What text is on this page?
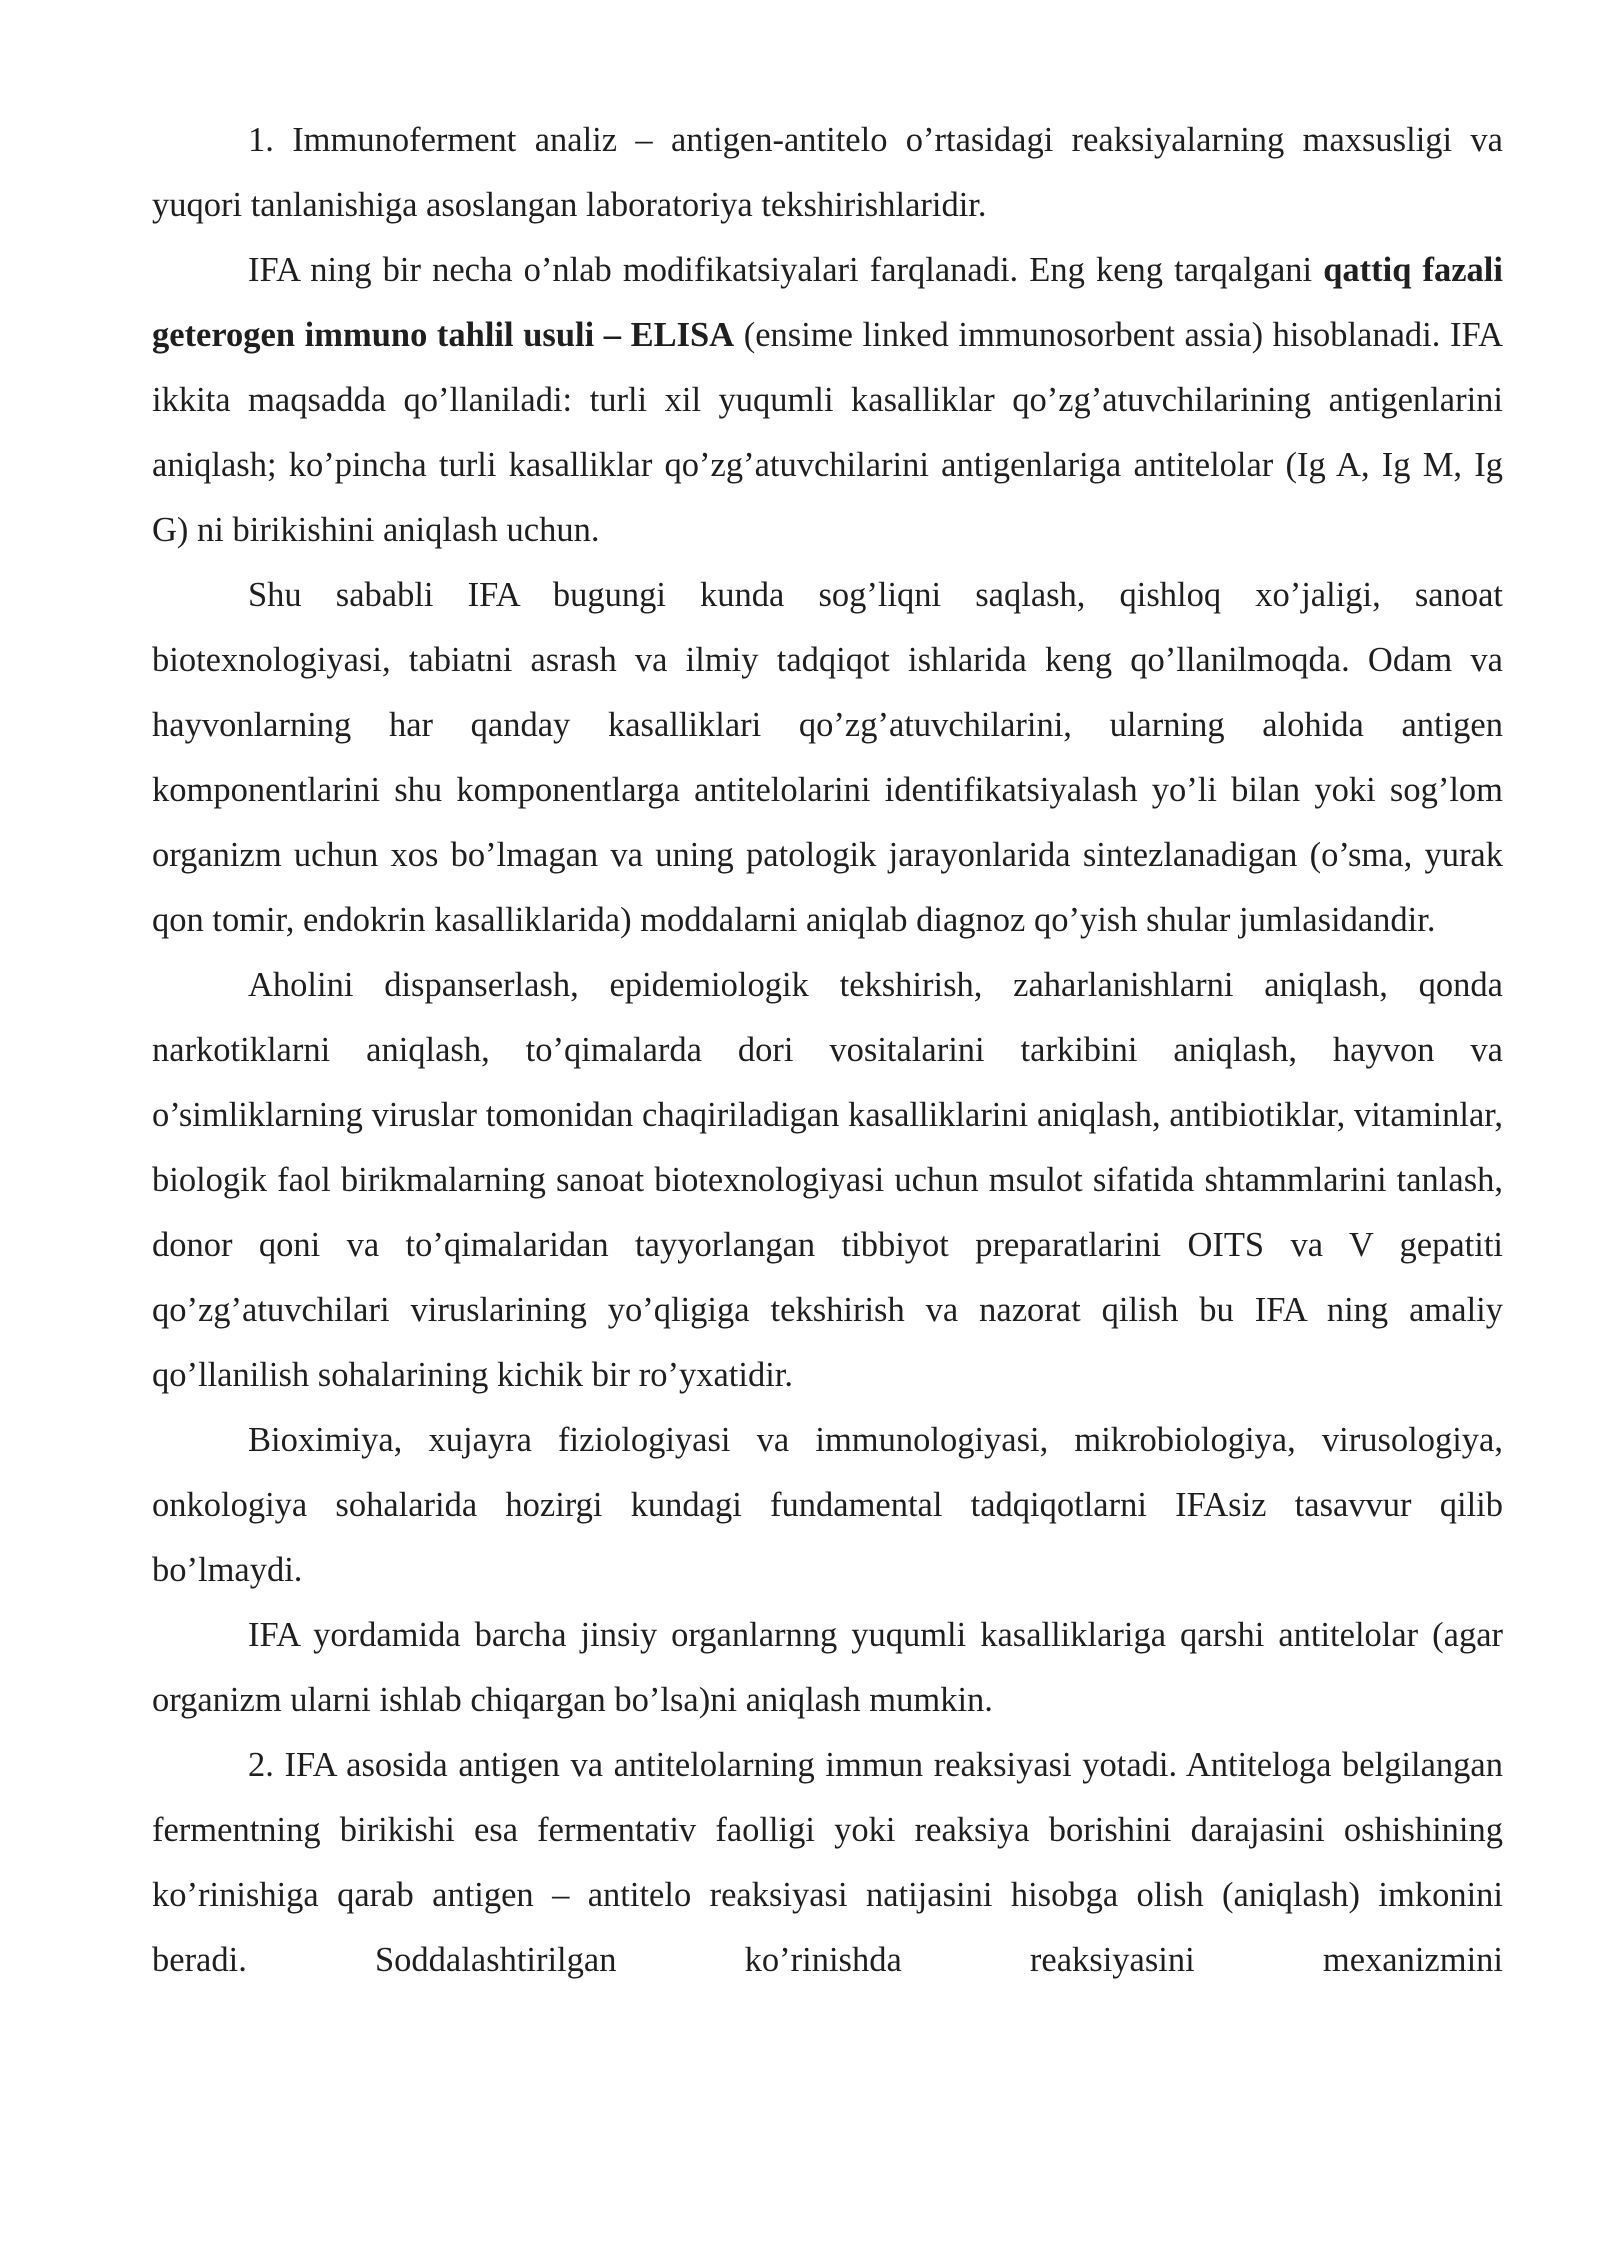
1. Immunoferment analiz – antigen-antitelo o’rtasidagi reaksiyalarning maxsusligi va yuqori tanlanishiga asoslangan laboratoriya tekshirishlaridir.

IFA ning bir necha o’nlab modifikatsiyalari farqlanadi. Eng keng tarqalgani qattiq fazali geterogen immuno tahlil usuli – ELISA (ensime linked immunosorbent assia) hisoblanadi. IFA ikkita maqsadda qo’llaniladi: turli xil yuqumli kasalliklar qo’zg’atuvchilarining antigenlarini aniqlash; ko’pincha turli kasalliklar qo’zg’atuvchilarini antigenlariga antitelolar (Ig A, Ig M, Ig G) ni birikishini aniqlash uchun.

Shu sababli IFA bugungi kunda sog’liqni saqlash, qishloq xo’jaligi, sanoat biotexnologiyasi, tabiatni asrash va ilmiy tadqiqot ishlarida keng qo’llanilmoqda. Odam va hayvonlarning har qanday kasalliklari qo’zg’atuvchilarini, ularning alohida antigen komponentlarini shu komponentlarga antitelolarini identifikatsiyalash yo’li bilan yoki sog’lom organizm uchun xos bo’lmagan va uning patologik jarayonlarida sintezlanadigan (o’sma, yurak qon tomir, endokrin kasalliklarida) moddalarni aniqlab diagnoz qo’yish shular jumlasidandir.

Aholini dispanserlash, epidemiologik tekshirish, zaharlanishlarni aniqlash, qonda narkotiklarni aniqlash, to’qimalarda dori vositalarini tarkibini aniqlash, hayvon va o’simliklarning viruslar tomonidan chaqiriladigan kasalliklarini aniqlash, antibiotiklar, vitaminlar, biologik faol birikmalarning sanoat biotexnologiyasi uchun msulot sifatida shtammlarini tanlash, donor qoni va to’qimalaridan tayyorlangan tibbiyot preparatlarini OITS va V gepatiti qo’zg’atuvchilari viruslarining yo’qligiga tekshirish va nazorat qilish bu IFA ning amaliy qo’llanilish sohalarining kichik bir ro’yxatidir.

Bioximiya, xujayra fiziologiyasi va immunologiyasi, mikrobiologiya, virusologiya, onkologiya sohalarida hozirgi kundagi fundamental tadqiqotlarni IFAsiz tasavvur qilib bo’lmaydi.

IFA yordamida barcha jinsiy organlarnng yuqumli kasalliklariga qarshi antitelolar (agar organizm ularni ishlab chiqargan bo’lsa)ni aniqlash mumkin.

2. IFA asosida antigen va antitelolarning immun reaksiyasi yotadi. Antiteloga belgilangan fermentning birikishi esa fermentativ faolligi yoki reaksiya borishini darajasini oshishining ko’rinishiga qarab antigen – antitelo reaksiyasi natijasini hisobga olish (aniqlash) imkonini beradi. Soddalashtirilgan ko’rinishda reaksiyasini mexanizmini
